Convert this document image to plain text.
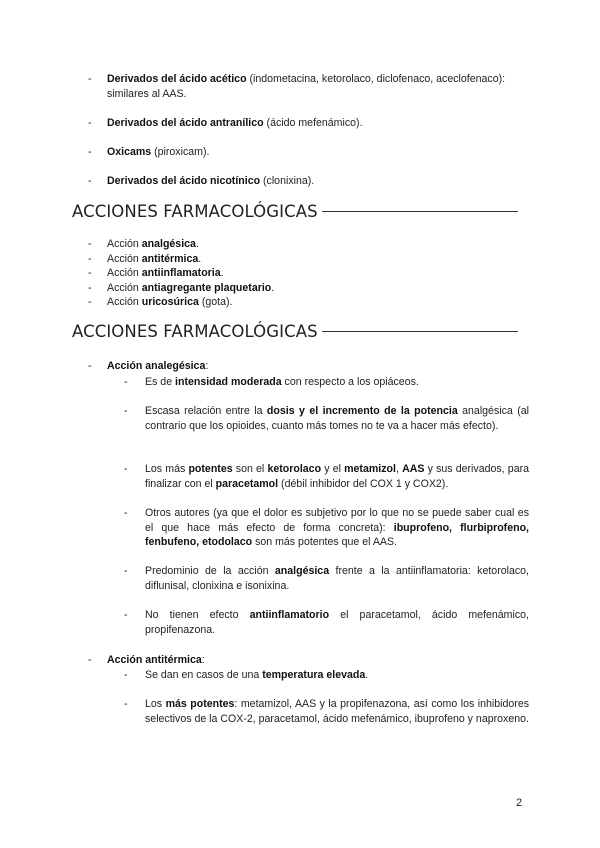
- Derivados del ácido acético (indometacina, ketorolaco, diclofenaco, aceclofenaco): similares al AAS.
- Derivados del ácido antranílico (ácido mefenámico).
- Oxicams (piroxicam).
- Derivados del ácido nicotínico (clonixina).
ACCIONES FARMACOLÓGICAS
- Acción analgésica.
- Acción antitérmica.
- Acción antiinflamatoria.
- Acción antiagregante plaquetario.
- Acción uricosúrica (gota).
ACCIONES FARMACOLÓGICAS
- Acción analegésica:
- Es de intensidad moderada con respecto a los opiáceos.
- Escasa relación entre la dosis y el incremento de la potencia analgésica (al contrario que los opioides, cuanto más tomes no te va a hacer más efecto).
- Los más potentes son el ketorolaco y el metamizol, AAS y sus derivados, para finalizar con el paracetamol (débil inhibidor del COX 1 y COX2).
- Otros autores (ya que el dolor es subjetivo por lo que no se puede saber cual es el que hace más efecto de forma concreta): ibuprofeno, flurbiprofeno, fenbufeno, etodolaco son más potentes que el AAS.
- Predominio de la acción analgésica frente a la antiinflamatoria: ketorolaco, diflunisal, clonixina e isonixina.
- No tienen efecto antiinflamatorio el paracetamol, ácido mefenámico, propifenazona.
- Acción antitérmica:
- Se dan en casos de una temperatura elevada.
- Los más potentes: metamizol, AAS y la propifenazona, así como los inhibidores selectivos de la COX-2, paracetamol, ácido mefenámico, ibuprofeno y naproxeno.
2
